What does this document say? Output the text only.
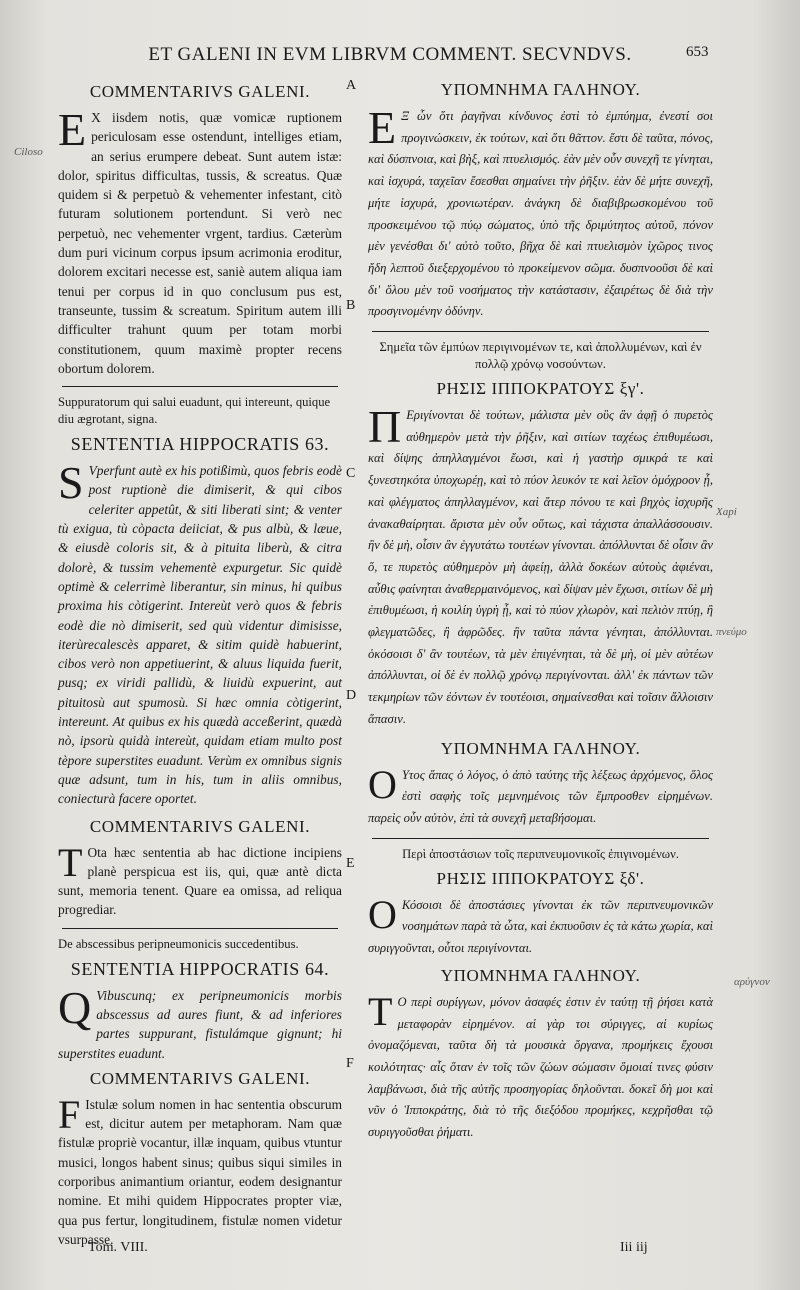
ET GALENI IN EVM LIBRVM COMMENT. SECVNDVS.	653
A
B
C
D
E
F
Ciloso
Xapi
πνεύμο
αρύγνον
COMMENTARIVS GALENI.

E X iisdem notis, quæ vomicæ ruptionem periculosam esse ostendunt, intelliges etiam, an serius erumpere debeat. Sunt autem istæ: dolor, spiritus difficultas, tussis, & screatus. Quæ quidem si & perpetuò & vehementer infestant, citò futuram solutionem portendunt. Si verò nec perpetuò, nec vehementer vrgent, tardius. Cæterùm dum puri vicinum corpus ipsum acrimonia eroditur, dolorem excitari necesse est, saniè autem aliqua iam tenui per corpus id in quo conclusum pus est, transeunte, tussim & screatum. Spiritum autem illi difficulter trahunt quum per totam morbi constitutionem, quum maximè propter recens obortum dolorem.

Suppuratorum qui salui euadunt, qui intereunt, quique diu ægrotant, signa.
SENTENTIA HIPPOCRATIS 63.

S Vperfunt autè ex his potißimù, quos febris eodè post ruptionè die dimiserit, & qui cibos celeriter appetût, & siti liberati sint; & venter tù exigua, tù còpacta deiiciat, & pus albù, & læue, & eiusdè coloris sit, & à pituita liberù, & citra dolorè, & tussim vehementè expurgetur. Sic quidè optimè & celerrimè liberantur, sin minus, hi quibus proxima his còtigerint. Intereùt verò quos & febris eodè die nò dimiserit, sed quù videntur dimisisse, iterùrecalescès apparet, & sitim quidè habuerint, cibos verò non appetiuerint, & aluus liquida fuerit, pusq; ex viridi pallidù, & liuidù expuerint, aut pituitosù aut spumosù. Si hæc omnia còtigerint, intereunt. At quibus ex his quædà acceßerint, quædà nò, ipsorù quidà intereùt, quidam etiam multo post tèpore superstites euadunt. Verùm ex omnibus signis quæ adsunt, tum in his, tum in aliis omnibus, coniecturà facere oportet.

COMMENTARIVS GALENI.

T Ota hæc sententia ab hac dictione incipiens planè perspicua est iis, qui, quæ antè dicta sunt, memoria tenent. Quare ea omissa, ad reliqua progrediar.

De abscessibus peripneumonicis succedentibus.
SENTENTIA HIPPOCRATIS 64.

Q Vibuscunq; ex peripneumonicis morbis abscessus ad aures fiunt, & ad inferiores partes suppurant, fistulámque gignunt; hi superstites euadunt.

COMMENTARIVS GALENI.

F Istulæ solum nomen in hac sententia obscurum est, dicitur autem per metaphoram. Nam quæ fistulæ propriè vocantur, illæ inquam, quibus vtuntur musici, longos habent sinus; quibus siqui similes in corporibus animantium oriantur, eodem designantur nomine. Et mihi quidem Hippocrates propter viæ, qua pus fertur, longitudinem, fistulæ nomen videtur vsurpasse.

ΥΠΟΜΝΗΜΑ ΓΑΛΗΝΟΥ.

Ε Ξ ὧν ὅτι ῥαγῆναι κίνδυνος ἐστὶ τὸ ἐμπύημα, ἐνεστί σοι προγινώσκειν, ἐκ τούτων, καὶ ὅτι θᾶττον. ἔστι δὲ ταῦτα, πόνος, καὶ δύσπνοια, καὶ βὴξ, καὶ πτυελισμός. ἐὰν μὲν οὖν συνεχῆ τε γίνηται, καὶ ἰσχυρά, ταχεῖαν ἔσεσθαι σημαίνει τὴν ῥῆξιν. ἐὰν δὲ μήτε συνεχῆ, μήτε ἰσχυρά, χρονιωτέραν. ἀνάγκη δὲ διαβιβρωσκομένου τοῦ προσκειμένου τῷ πύῳ σώματος, ὑπὸ τῆς δριμύτητος αὐτοῦ, πόνον μὲν γενέσθαι δι' αὐτὸ τοῦτο, βῆχα δὲ καὶ πτυελισμὸν ἰχῶρος τινος ἤδη λεπτοῦ διεξερχομένου τὸ προκείμενον σῶμα. δυσπνοοῦσι δὲ καὶ δι' ὅλου μὲν τοῦ νοσήματος τὴν κατάστασιν, ἐξαιρέτως δὲ διὰ τὴν προσγινομένην ὀδύνην.

Σημεῖα τῶν ἐμπύων περιγινομένων τε, καὶ ἀπολλυμένων, καὶ ἐν πολλῷ χρόνῳ νοσούντων.
ΡΗΣΙΣ ΙΠΠΟΚΡΑΤΟΥΣ ξγ'.

Π Εριγίνονται δὲ τούτων, μάλιστα μὲν οὓς ἂν ἀφῇ ὁ πυρετὸς αὐθημερὸν μετὰ τὴν ῥῆξιν, καὶ σιτίων ταχέως ἐπιθυμέωσι, καὶ δίψης ἀπηλλαγμένοι ἔωσι, καὶ ἡ γαστὴρ σμικρά τε καὶ ξυνεστηκότα ὑποχωρέῃ, καὶ τὸ πύον λευκόν τε καὶ λεῖον ὁμόχροον ᾖ, καὶ φλέγματος ἀπηλλαγμένον, καὶ ἄτερ πόνου τε καὶ βηχὸς ἰσχυρῆς ἀνακαθαίρηται. ἄριστα μὲν οὖν οὕτως, καὶ τάχιστα ἀπαλλάσσουσιν. ἢν δὲ μὴ, οἷσιν ἂν ἐγγυτάτω τουτέων γίνονται. ἀπόλλυνται δὲ οἷσιν ἂν ὅ, τε πυρετὸς αὐθημερὸν μὴ ἀφείῃ, ἀλλὰ δοκέων αὐτοὺς ἀφιέναι, αὖθις φαίνηται ἀναθερμαινόμενος, καὶ δίψαν μὲν ἔχωσι, σιτίων δὲ μὴ ἐπιθυμέωσι, ἡ κοιλίη ὑγρὴ ᾖ, καὶ τὸ πύον χλωρὸν, καὶ πελιὸν πτύῃ, ἢ φλεγματῶδες, ἢ ἀφρῶδες. ἢν ταῦτα πάντα γένηται, ἀπόλλυνται. ὁκόσοισι δ' ἂν τουτέων, τὰ μὲν ἐπιγένηται, τὰ δὲ μὴ, οἱ μὲν αὐτέων ἀπόλλυνται, οἱ δὲ ἐν πολλῷ χρόνῳ περιγίνονται. ἀλλ' ἐκ πάντων τῶν τεκμηρίων τῶν ἐόντων ἐν τουτέοισι, σημαίνεσθαι καὶ τοῖσιν ἄλλοισιν ἅπασιν.

ΥΠΟΜΝΗΜΑ ΓΑΛΗΝΟΥ.

Ο Υτος ἅπας ὁ λόγος, ὁ ἀπὸ ταύτης τῆς λέξεως ἀρχόμενος, ὅλος ἐστὶ σαφὴς τοῖς μεμνημένοις τῶν ἔμπροσθεν εἰρημένων. παρεὶς οὖν αὐτὸν, ἐπὶ τὰ συνεχῆ μεταβήσομαι.

Περὶ ἀποστάσιων τοῖς περιπνευμονικοῖς ἐπιγινομένων.
ΡΗΣΙΣ ΙΠΠΟΚΡΑΤΟΥΣ ξδ'.

Ο Κόσοισι δὲ ἀποστάσιες γίνονται ἐκ τῶν περιπνευμονικῶν νοσημάτων παρὰ τὰ ὦτα, καὶ ἐκπυοῦσιν ἐς τὰ κάτω χωρία, καὶ συριγγοῦνται, οὗτοι περιγίνονται.

ΥΠΟΜΝΗΜΑ ΓΑΛΗΝΟΥ.

Τ Ο περὶ συρίγγων, μόνον ἀσαφές ἐστιν ἐν ταύτῃ τῇ ῥήσει κατὰ μεταφορὰν εἰρημένον. αἱ γὰρ τοι σύριγγες, αἱ κυρίως ὀνομαζόμεναι, ταῦτα δὴ τὰ μουσικὰ ὄργανα, προμήκεις ἔχουσι κοιλότητας· αἷς ὅταν ἐν τοῖς τῶν ζώων σώμασιν ὅμοιαί τινες φύσιν λαμβάνωσι, διὰ τῆς αὐτῆς προσηγορίας δηλοῦνται. δοκεῖ δὴ μοι καὶ νῦν ὁ Ἱπποκράτης, διὰ τὸ τῆς διεξόδου προμήκες, κεχρῆσθαι τῷ συριγγοῦσθαι ῥήματι.

Tom. VIII.	Iii iij
